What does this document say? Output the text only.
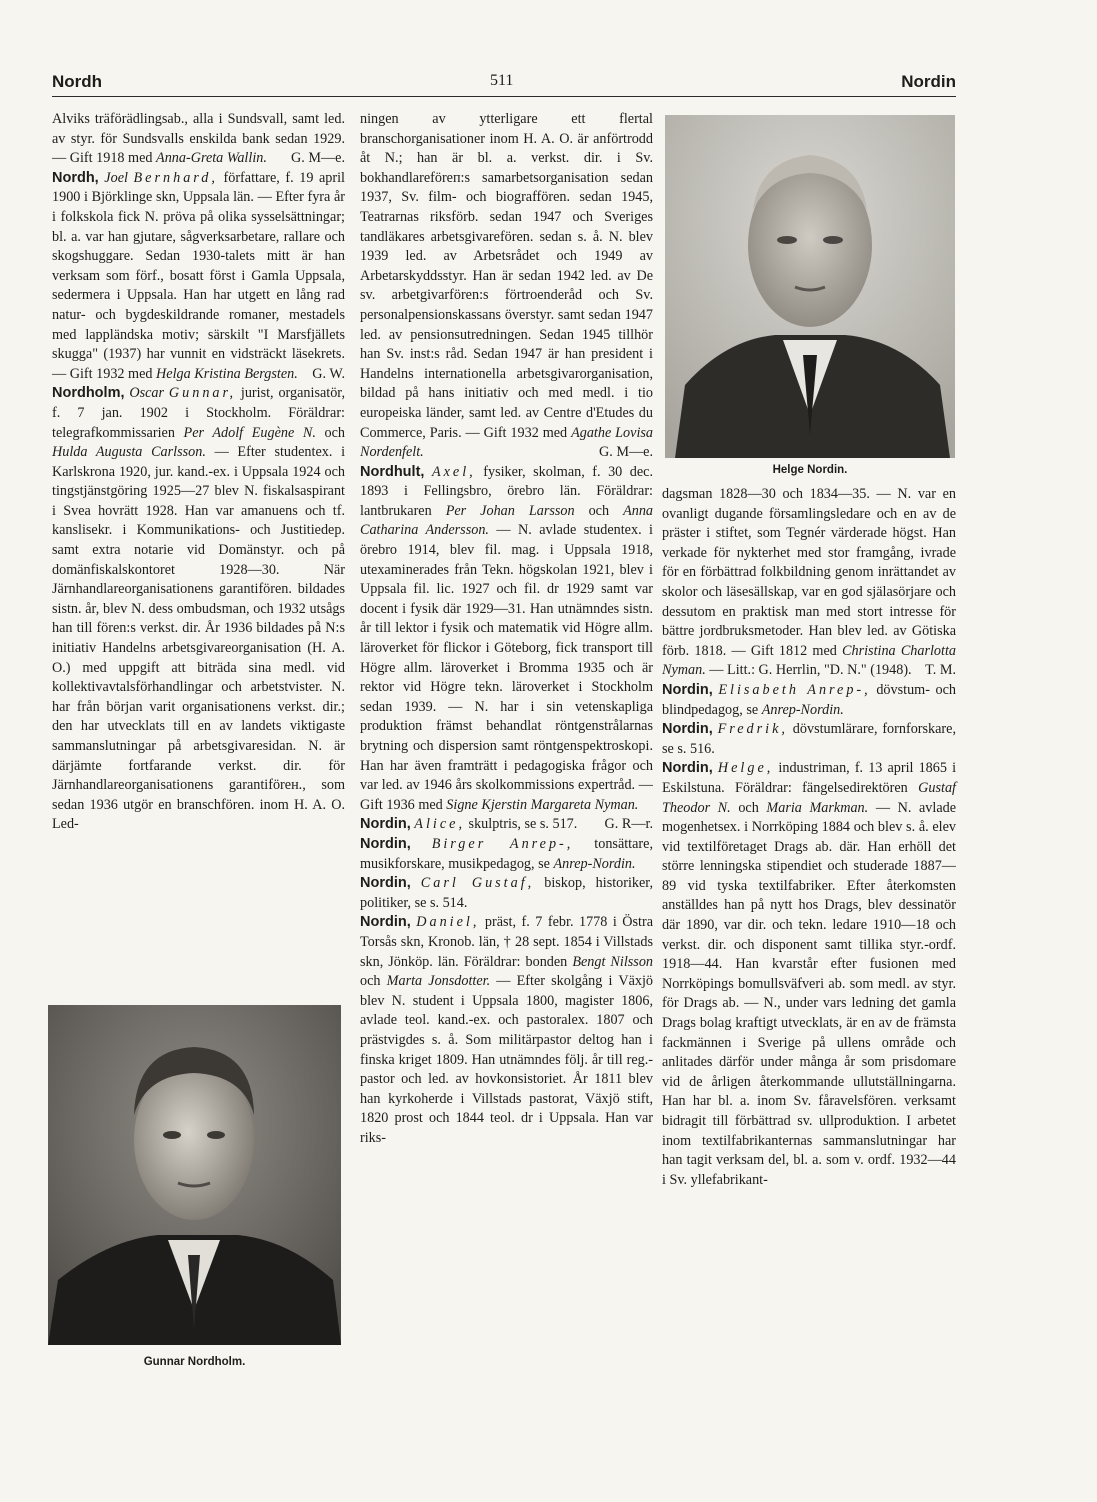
Nordh	511	Nordin

Alviks träförädlingsab., alla i Sundsvall, samt led. av styr. för Sundsvalls enskilda bank sedan 1929. — Gift 1918 med Anna-Greta Wallin. G. M—e.

Nordh, Joel Bernhard, författare, f. 19 april 1900 i Björklinge skn, Uppsala län. — Efter fyra år i folkskola fick N. pröva på olika sysselsättningar; bl. a. var han gjutare, sågverksarbetare, rallare och skogshuggare. Sedan 1930-talets mitt är han verksam som förf., bosatt först i Gamla Uppsala, sedermera i Uppsala. Han har utgett en lång rad natur- och bygdeskildrande romaner, mestadels med lappländska motiv; särskilt "I Marsfjällets skugga" (1937) har vunnit en vidsträckt läsekrets. — Gift 1932 med Helga Kristina Bergsten. G. W.

Nordholm, Oscar Gunnar, jurist, organisatör, f. 7 jan. 1902 i Stockholm. Föräldrar: telegrafkommissarien Per Adolf Eugène N. och Hulda Augusta Carlsson. — Efter studentex. i Karlskrona 1920, jur. kand.-ex. i Uppsala 1924 och tingstjänstgöring 1925—27 blev N. fiskalsaspirant i Svea hovrätt 1928. Han var amanuens och tf. kanslisekr. i Kommunikations- och Justitiedep. samt extra notarie vid Domänstyr. och på domänfiskalskontoret 1928—30. När Järnhandlareorganisationens garantifören. bildades sistn. år, blev N. dess ombudsman, och 1932 utsågs han till fören:s verkst. dir. År 1936 bildades på N:s initiativ Handelns arbetsgivareorganisation (H. A. O.) med uppgift att biträda sina medl. vid kollektivavtalsförhandlingar och arbetstvister. N. har från början varit organisationens verkst. dir.; den har utvecklats till en av landets viktigaste sammanslutningar på arbetsgivaresidan. N. är därjämte fortfarande verkst. dir. för Järnhandlareorganisationens garantiförен., som sedan 1936 utgör en branschfören. inom H. A. O. Led-

ningen av ytterligare ett flertal branschorganisationer inom H. A. O. är anförtrodd åt N.; han är bl. a. verkst. dir. i Sv. bokhandlareföreп:s samarbetsorganisation sedan 1937, Sv. film- och biograffören. sedan 1945, Teatrarnas riksförb. sedan 1947 och Sveriges tandläkares arbetsgivarefören. sedan s. å. N. blev 1939 led. av Arbetsrådet och 1949 av Arbetarskyddsstyr. Han är sedan 1942 led. av De sv. arbetgivarfören:s förtroenderåd och Sv. personalpensionskassans överstyr. samt sedan 1947 led. av pensionsutredningen. Sedan 1945 tillhör han Sv. inst:s råd. Sedan 1947 är han president i Handelns internationella arbetsgivarorganisation, bildad på hans initiativ och med medl. i tio europeiska länder, samt led. av Centre d'Etudes du Commerce, Paris. — Gift 1932 med Agathe Lovisa Nordenfelt.	G. M—e.

Nordhult, Axel, fysiker, skolman, f. 30 dec. 1893 i Fellingsbro, örebro län. Föräldrar: lantbrukaren Per Johan Larsson och Anna Catharina Andersson. — N. avlade studentex. i örebro 1914, blev fil. mag. i Uppsala 1918, utexaminerades från Tekn. högskolan 1921, blev i Uppsala fil. lic. 1927 och fil. dr 1929 samt var docent i fysik där 1929—31. Han utnämndes sistn. år till lektor i fysik och matematik vid Högre allm. läroverket för flickor i Göteborg, fick transport till Högre allm. läroverket i Bromma 1935 och är rektor vid Högre tekn. läroverket i Stockholm sedan 1939. — N. har i sin vetenskapliga produktion främst behandlat röntgenstrålarnas brytning och dispersion samt röntgenspektroskopi. Han har även framträtt i pedagogiska frågor och var led. av 1946 års skolkommissions expertråd. — Gift 1936 med Signe Kjerstin Margareta Nyman.
G. R—r.

Nordin, Alice, skulptris, se s. 517.

Nordin, Birger Anrep-, tonsättare, musikforskare, musikpedagog, se Anrep-Nordin.

Nordin, Carl Gustaf, biskop, historiker, politiker, se s. 514.

Nordin, Daniel, präst, f. 7 febr. 1778 i Östra Torsås skn, Kronob. län, † 28 sept. 1854 i Villstads skn, Jönköp. län. Föräldrar: bonden Bengt Nilsson och Marta Jonsdotter. — Efter skolgång i Växjö blev N. student i Uppsala 1800, magister 1806, avlade teol. kand.-ex. och pastoralex. 1807 och prästvigdes s. å. Som militärpastor deltog han i finska kriget 1809. Han utnämndes följ. år till reg.-pastor och led. av hovkonsistoriet. År 1811 blev han kyrkoherde i Villstads pastorat, Växjö stift, 1820 prost och 1844 teol. dr i Uppsala. Han var riks-

dagsman 1828—30 och 1834—35. — N. var en ovanligt dugande församlingsledare och en av de präster i stiftet, som Tegnér värderade högst. Han verkade för nykterhet med stor framgång, ivrade för en förbättrad folkbildning genom inrättandet av skolor och läsesällskap, var en god själasörjare och dessutom en praktisk man med stort intresse för bättre jordbruksmetoder. Han blev led. av Götiska förb. 1818. — Gift 1812 med Christina Charlotta Nyman. — Litt.: G. Herrlin, "D. N." (1948). T. M.

Nordin, Elisabeth Anrep-, dövstum- och blindpedagog, se Anrep-Nordin.

Nordin, Fredrik, dövstumlärare, fornforskare, se s. 516.

Nordin, Helge, industriman, f. 13 april 1865 i Eskilstuna. Föräldrar: fängelsedirektören Gustaf Theodor N. och Maria Markman. — N. avlade mogenhetsex. i Norrköping 1884 och blev s. å. elev vid textilföretaget Drags ab. där. Han erhöll det större lenningska stipendiet och studerade 1887—89 vid tyska textilfabriker. Efter återkomsten anställdes han på nytt hos Drags, blev dessinatör där 1890, var dir. och tekn. ledare 1910—18 och verkst. dir. och disponent samt tillika styr.-ordf. 1918—44. Han kvarstår efter fusionen med Norrköpings bomullsväfveri ab. som medl. av styr. för Drags ab. — N., under vars ledning det gamla Drags bolag kraftigt utvecklats, är en av de främsta fackmännen i Sverige på ullens område och anlitades därför under många år som prisdomare vid de årligen återkommande ullutställningarna. Han har bl. a. inom Sv. fåravelsfören. verksamt bidragit till förbättrad sv. ullproduktion. I arbetet inom textilfabrikanternas sammanslutningar har han tagit verksam del, bl. a. som v. ordf. 1932—44 i Sv. yllefabrikant-

Helge Nordin.
Gunnar Nordholm.
